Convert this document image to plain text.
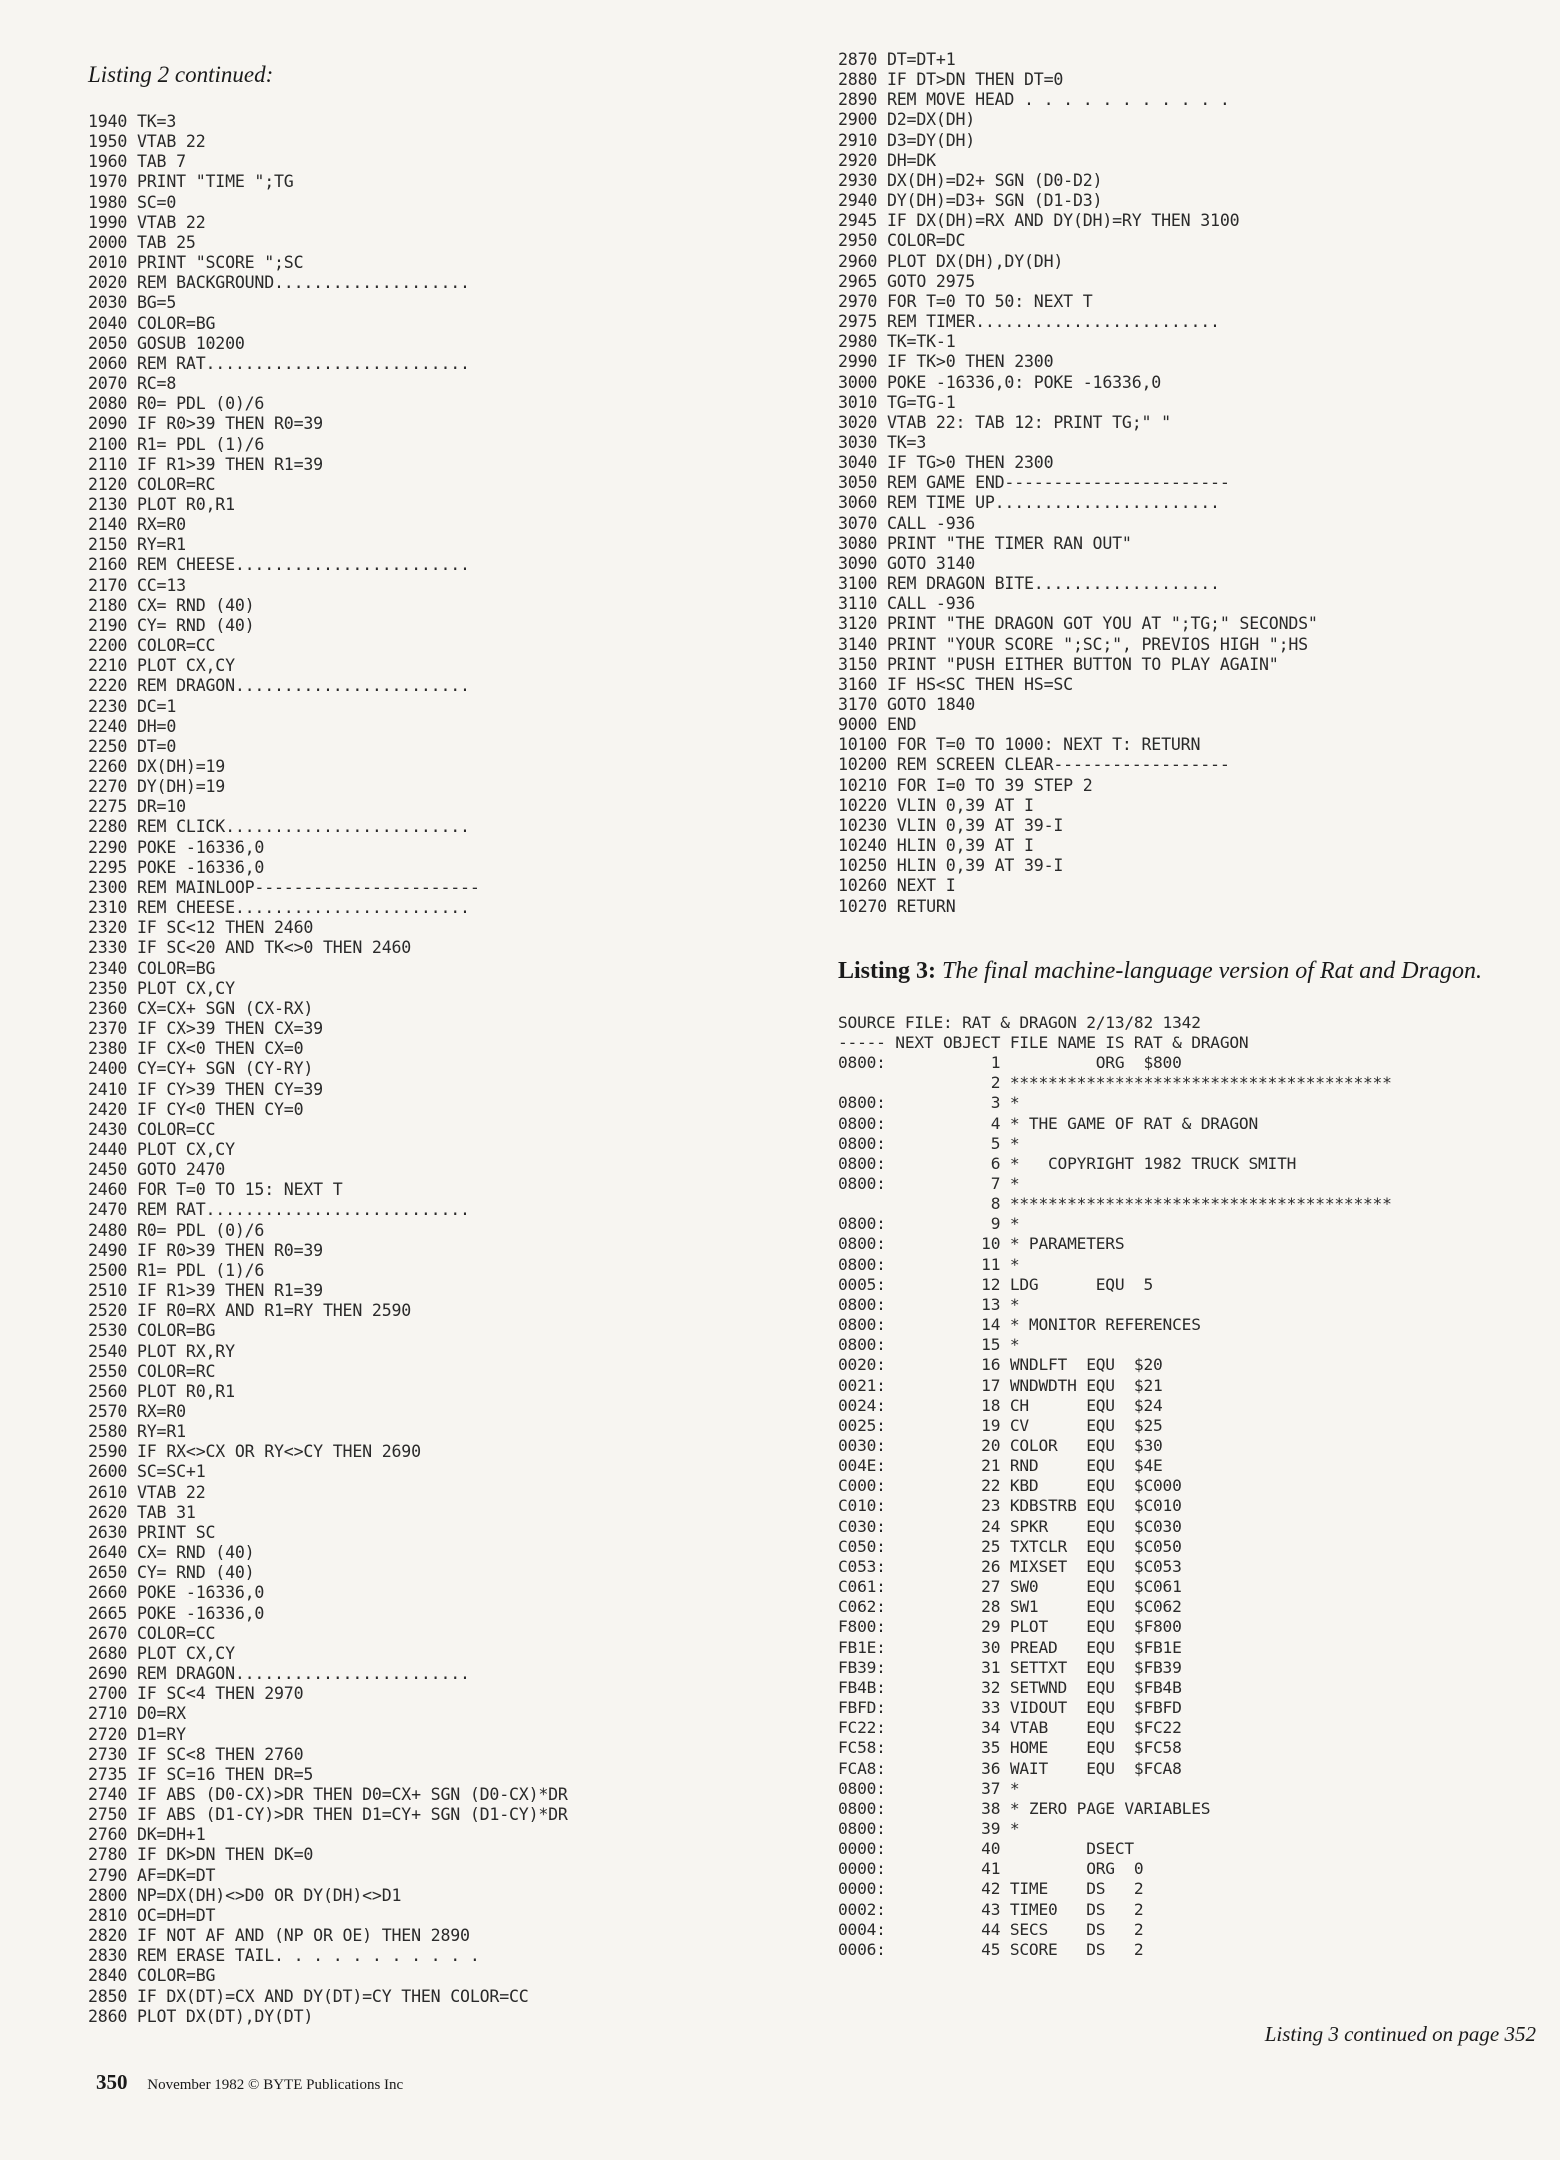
Listing 2 continued:

1940 TK=3
1950 VTAB 22
1960 TAB 7
1970 PRINT "TIME ";TG
1980 SC=0
1990 VTAB 22
2000 TAB 25
2010 PRINT "SCORE ";SC
2020 REM BACKGROUND....................
2030 BG=5
2040 COLOR=BG
2050 GOSUB 10200
2060 REM RAT...........................
2070 RC=8
2080 R0= PDL (0)/6
2090 IF R0>39 THEN R0=39
2100 R1= PDL (1)/6
2110 IF R1>39 THEN R1=39
2120 COLOR=RC
2130 PLOT R0,R1
2140 RX=R0
2150 RY=R1
2160 REM CHEESE........................
2170 CC=13
2180 CX= RND (40)
2190 CY= RND (40)
2200 COLOR=CC
2210 PLOT CX,CY
2220 REM DRAGON........................
2230 DC=1
2240 DH=0
2250 DT=0
2260 DX(DH)=19
2270 DY(DH)=19
2275 DR=10
2280 REM CLICK.........................
2290 POKE -16336,0
2295 POKE -16336,0
2300 REM MAINLOOP-----------------------
2310 REM CHEESE........................
2320 IF SC<12 THEN 2460
2330 IF SC<20 AND TK<>0 THEN 2460
2340 COLOR=BG
2350 PLOT CX,CY
2360 CX=CX+ SGN (CX-RX)
2370 IF CX>39 THEN CX=39
2380 IF CX<0 THEN CX=0
2400 CY=CY+ SGN (CY-RY)
2410 IF CY>39 THEN CY=39
2420 IF CY<0 THEN CY=0
2430 COLOR=CC
2440 PLOT CX,CY
2450 GOTO 2470
2460 FOR T=0 TO 15: NEXT T
2470 REM RAT...........................
2480 R0= PDL (0)/6
2490 IF R0>39 THEN R0=39
2500 R1= PDL (1)/6
2510 IF R1>39 THEN R1=39
2520 IF R0=RX AND R1=RY THEN 2590
2530 COLOR=BG
2540 PLOT RX,RY
2550 COLOR=RC
2560 PLOT R0,R1
2570 RX=R0
2580 RY=R1
2590 IF RX<>CX OR RY<>CY THEN 2690
2600 SC=SC+1
2610 VTAB 22
2620 TAB 31
2630 PRINT SC
2640 CX= RND (40)
2650 CY= RND (40)
2660 POKE -16336,0
2665 POKE -16336,0
2670 COLOR=CC
2680 PLOT CX,CY
2690 REM DRAGON........................
2700 IF SC<4 THEN 2970
2710 D0=RX
2720 D1=RY
2730 IF SC<8 THEN 2760
2735 IF SC=16 THEN DR=5
2740 IF ABS (D0-CX)>DR THEN D0=CX+ SGN (D0-CX)*DR
2750 IF ABS (D1-CY)>DR THEN D1=CY+ SGN (D1-CY)*DR
2760 DK=DH+1
2780 IF DK>DN THEN DK=0
2790 AF=DK=DT
2800 NP=DX(DH)<>D0 OR DY(DH)<>D1
2810 OC=DH=DT
2820 IF NOT AF AND (NP OR OE) THEN 2890
2830 REM ERASE TAIL. . . . . . . . . . .
2840 COLOR=BG
2850 IF DX(DT)=CX AND DY(DT)=CY THEN COLOR=CC
2860 PLOT DX(DT),DY(DT)
2870 DT=DT+1
2880 IF DT>DN THEN DT=0
2890 REM MOVE HEAD . . . . . . . . . . .
2900 D2=DX(DH)
2910 D3=DY(DH)
2920 DH=DK
2930 DX(DH)=D2+ SGN (D0-D2)
2940 DY(DH)=D3+ SGN (D1-D3)
2945 IF DX(DH)=RX AND DY(DH)=RY THEN 3100
2950 COLOR=DC
2960 PLOT DX(DH),DY(DH)
2965 GOTO 2975
2970 FOR T=0 TO 50: NEXT T
2975 REM TIMER.........................
2980 TK=TK-1
2990 IF TK>0 THEN 2300
3000 POKE -16336,0: POKE -16336,0
3010 TG=TG-1
3020 VTAB 22: TAB 12: PRINT TG;" "
3030 TK=3
3040 IF TG>0 THEN 2300
3050 REM GAME END-----------------------
3060 REM TIME UP.......................
3070 CALL -936
3080 PRINT "THE TIMER RAN OUT"
3090 GOTO 3140
3100 REM DRAGON BITE...................
3110 CALL -936
3120 PRINT "THE DRAGON GOT YOU AT ";TG;" SECONDS"
3140 PRINT "YOUR SCORE ";SC;", PREVIOS HIGH ";HS
3150 PRINT "PUSH EITHER BUTTON TO PLAY AGAIN"
3160 IF HS<SC THEN HS=SC
3170 GOTO 1840
9000 END
10100 FOR T=0 TO 1000: NEXT T: RETURN
10200 REM SCREEN CLEAR------------------
10210 FOR I=0 TO 39 STEP 2
10220 VLIN 0,39 AT I
10230 VLIN 0,39 AT 39-I
10240 HLIN 0,39 AT I
10250 HLIN 0,39 AT 39-I
10260 NEXT I
10270 RETURN

Listing 3: The final machine-language version of Rat and Dragon.

SOURCE FILE: RAT & DRAGON 2/13/82 1342
----- NEXT OBJECT FILE NAME IS RAT & DRAGON
0800:           1          ORG  $800
2 ****************************************
0800:           3 *
0800:           4 * THE GAME OF RAT & DRAGON
0800:           5 *
0800:           6 *   COPYRIGHT 1982 TRUCK SMITH
0800:           7 *
8 ****************************************
0800:           9 *
0800:          10 * PARAMETERS
0800:          11 *
0005:          12 LDG      EQU  5
0800:          13 *
0800:          14 * MONITOR REFERENCES
0800:          15 *
0020:          16 WNDLFT  EQU  $20
0021:          17 WNDWDTH EQU  $21
0024:          18 CH      EQU  $24
0025:          19 CV      EQU  $25
0030:          20 COLOR   EQU  $30
004E:          21 RND     EQU  $4E
C000:          22 KBD     EQU  $C000
C010:          23 KDBSTRB EQU  $C010
C030:          24 SPKR    EQU  $C030
C050:          25 TXTCLR  EQU  $C050
C053:          26 MIXSET  EQU  $C053
C061:          27 SW0     EQU  $C061
C062:          28 SW1     EQU  $C062
F800:          29 PLOT    EQU  $F800
FB1E:          30 PREAD   EQU  $FB1E
FB39:          31 SETTXT  EQU  $FB39
FB4B:          32 SETWND  EQU  $FB4B
FBFD:          33 VIDOUT  EQU  $FBFD
FC22:          34 VTAB    EQU  $FC22
FC58:          35 HOME    EQU  $FC58
FCA8:          36 WAIT    EQU  $FCA8
0800:          37 *
0800:          38 * ZERO PAGE VARIABLES
0800:          39 *
0000:          40         DSECT
0000:          41         ORG  0
0000:          42 TIME    DS   2
0002:          43 TIME0   DS   2
0004:          44 SECS    DS   2
0006:          45 SCORE   DS   2
Listing 3 continued on page 352
350 November 1982 © BYTE Publications Inc
